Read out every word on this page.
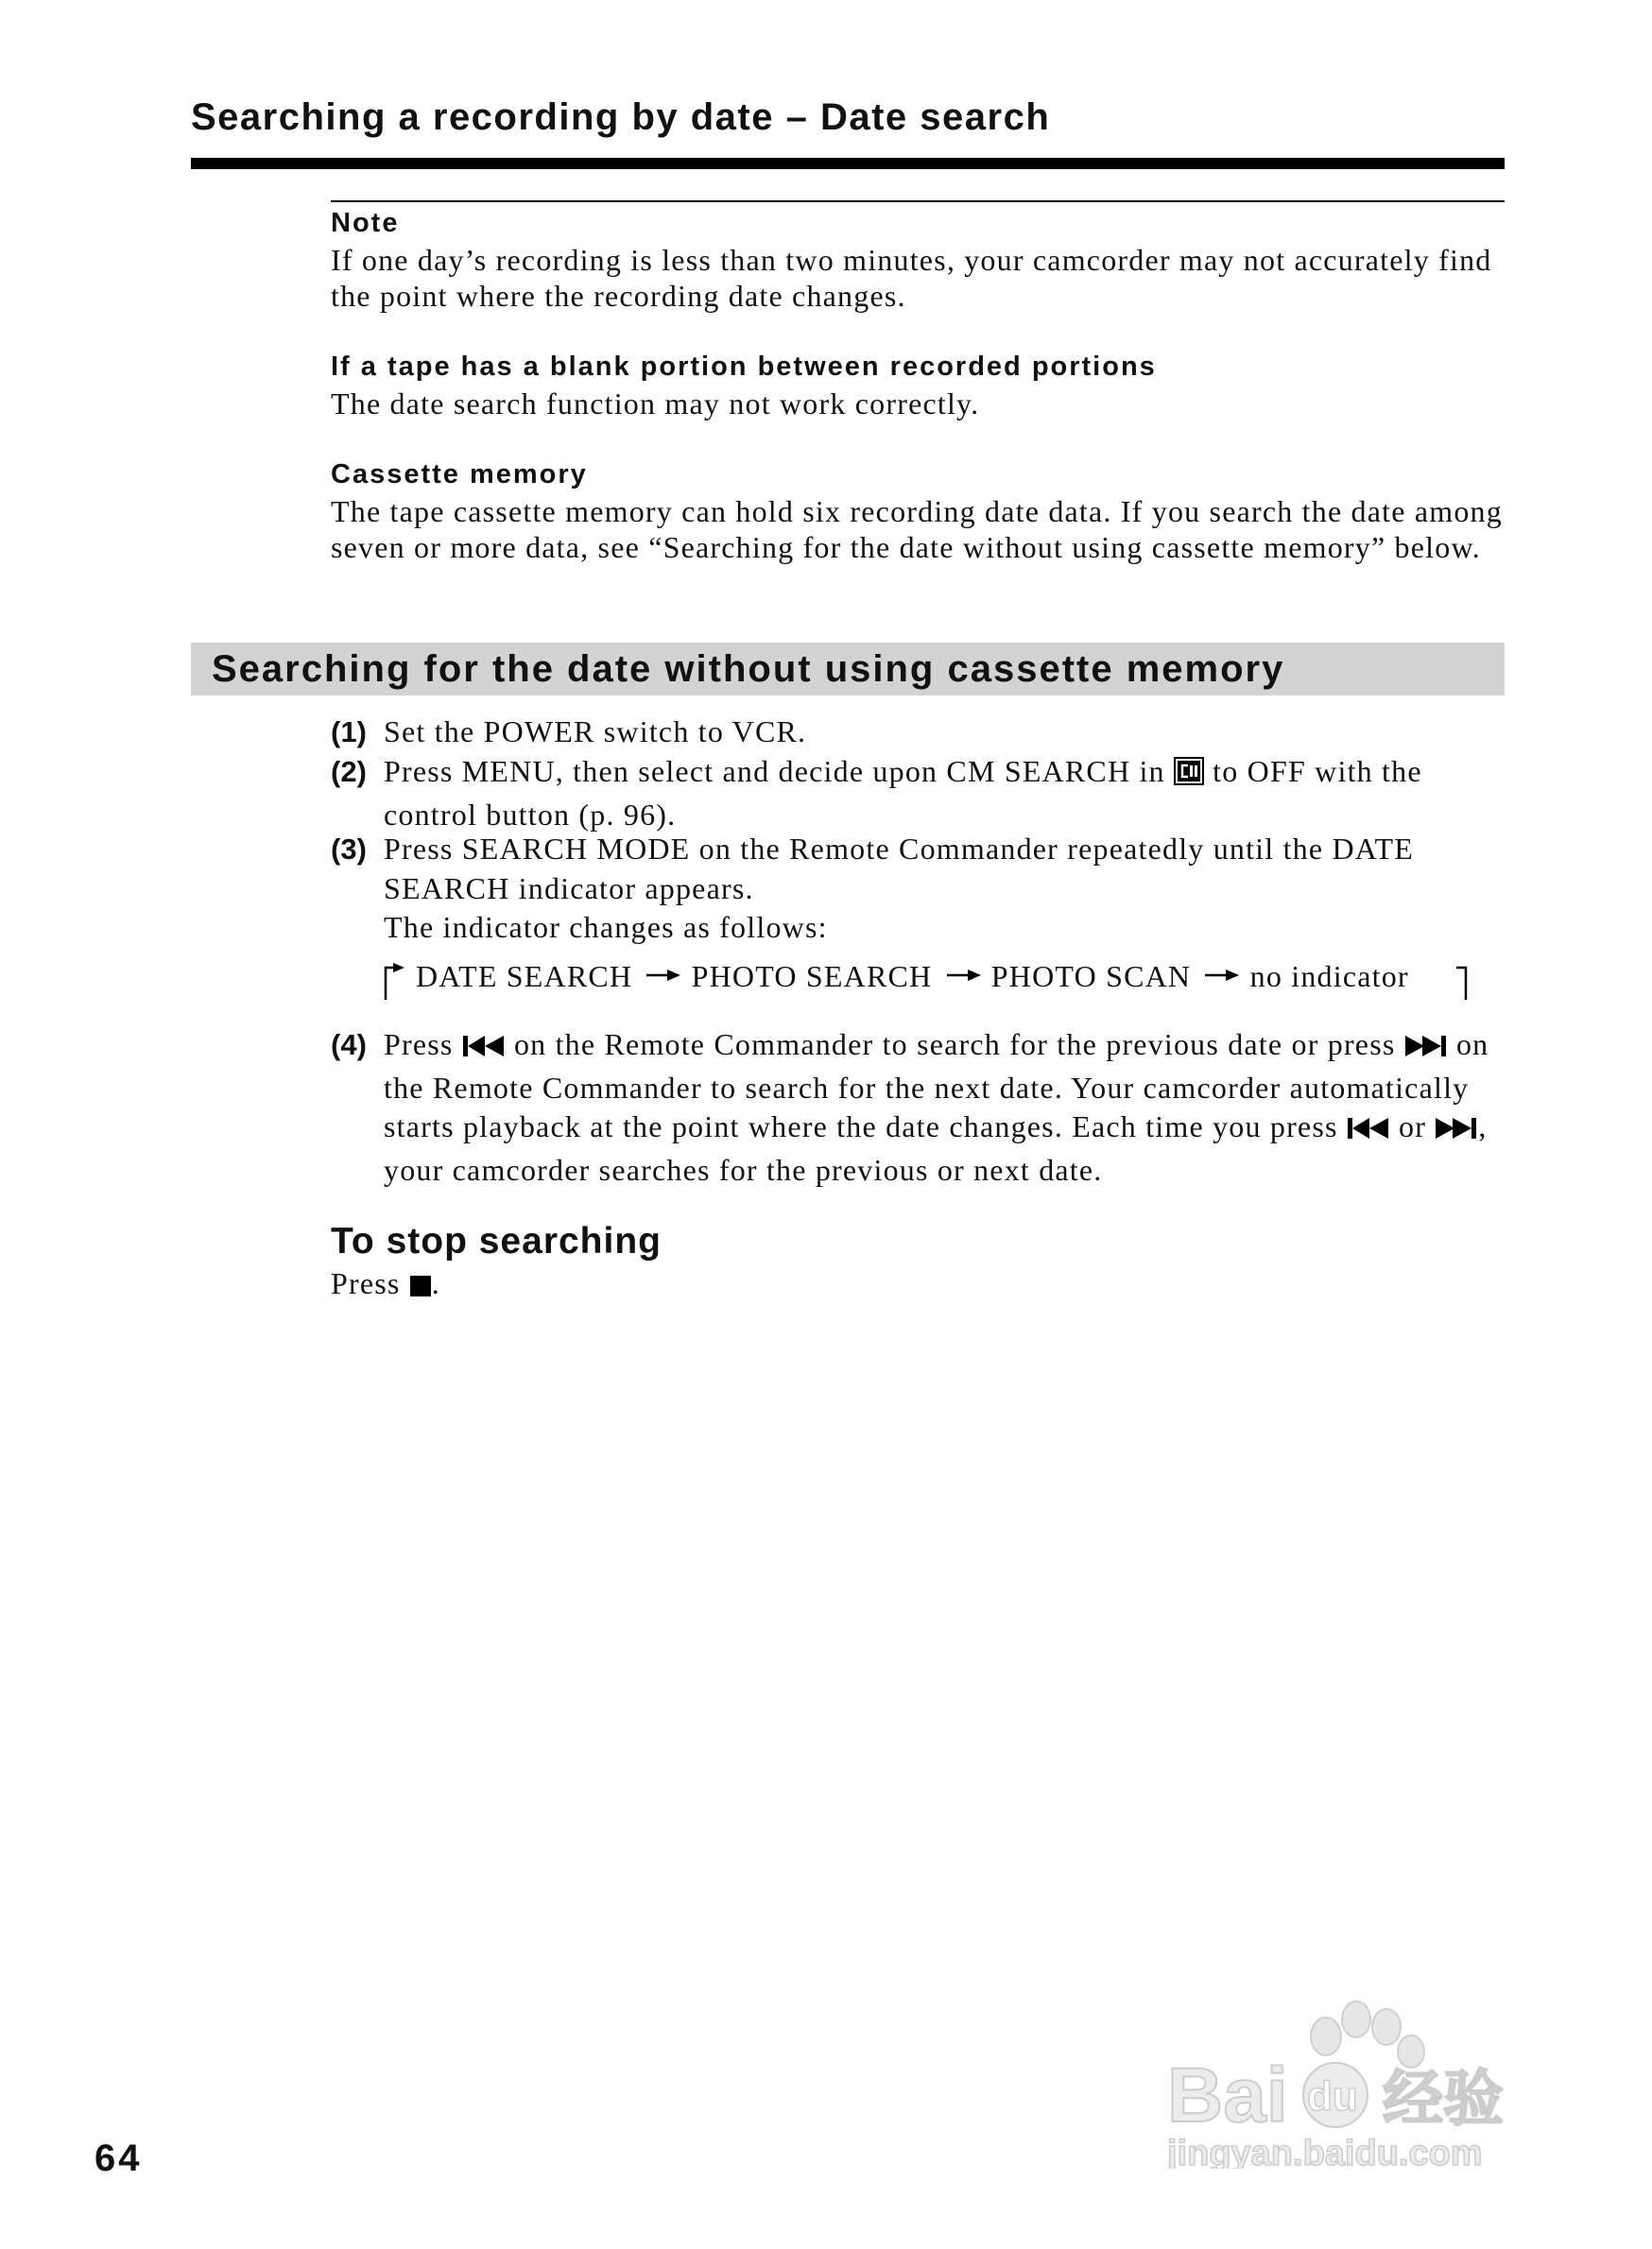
Searching a recording by date – Date search
Note
If one day’s recording is less than two minutes, your camcorder may not accurately find the point where the recording date changes.
If a tape has a blank portion between recorded portions
The date search function may not work correctly.
Cassette memory
The tape cassette memory can hold six recording date data. If you search the date among seven or more data, see “Searching for the date without using cassette memory” below.
Searching for the date without using cassette memory
(1) Set the POWER switch to VCR.
(2) Press MENU, then select and decide upon CM SEARCH in to OFF with the control button (p. 96).
(3) Press SEARCH MODE on the Remote Commander repeatedly until the DATE SEARCH indicator appears.
The indicator changes as follows:
DATE SEARCH PHOTO SEARCH PHOTO SCAN no indicator
(4) Press on the Remote Commander to search for the previous date or press on the Remote Commander to search for the next date. Your camcorder automatically starts playback at the point where the date changes. Each time you press or , your camcorder searches for the previous or next date.
To stop searching
Press .
64
Bai du 经验
jingyan.baidu.com
